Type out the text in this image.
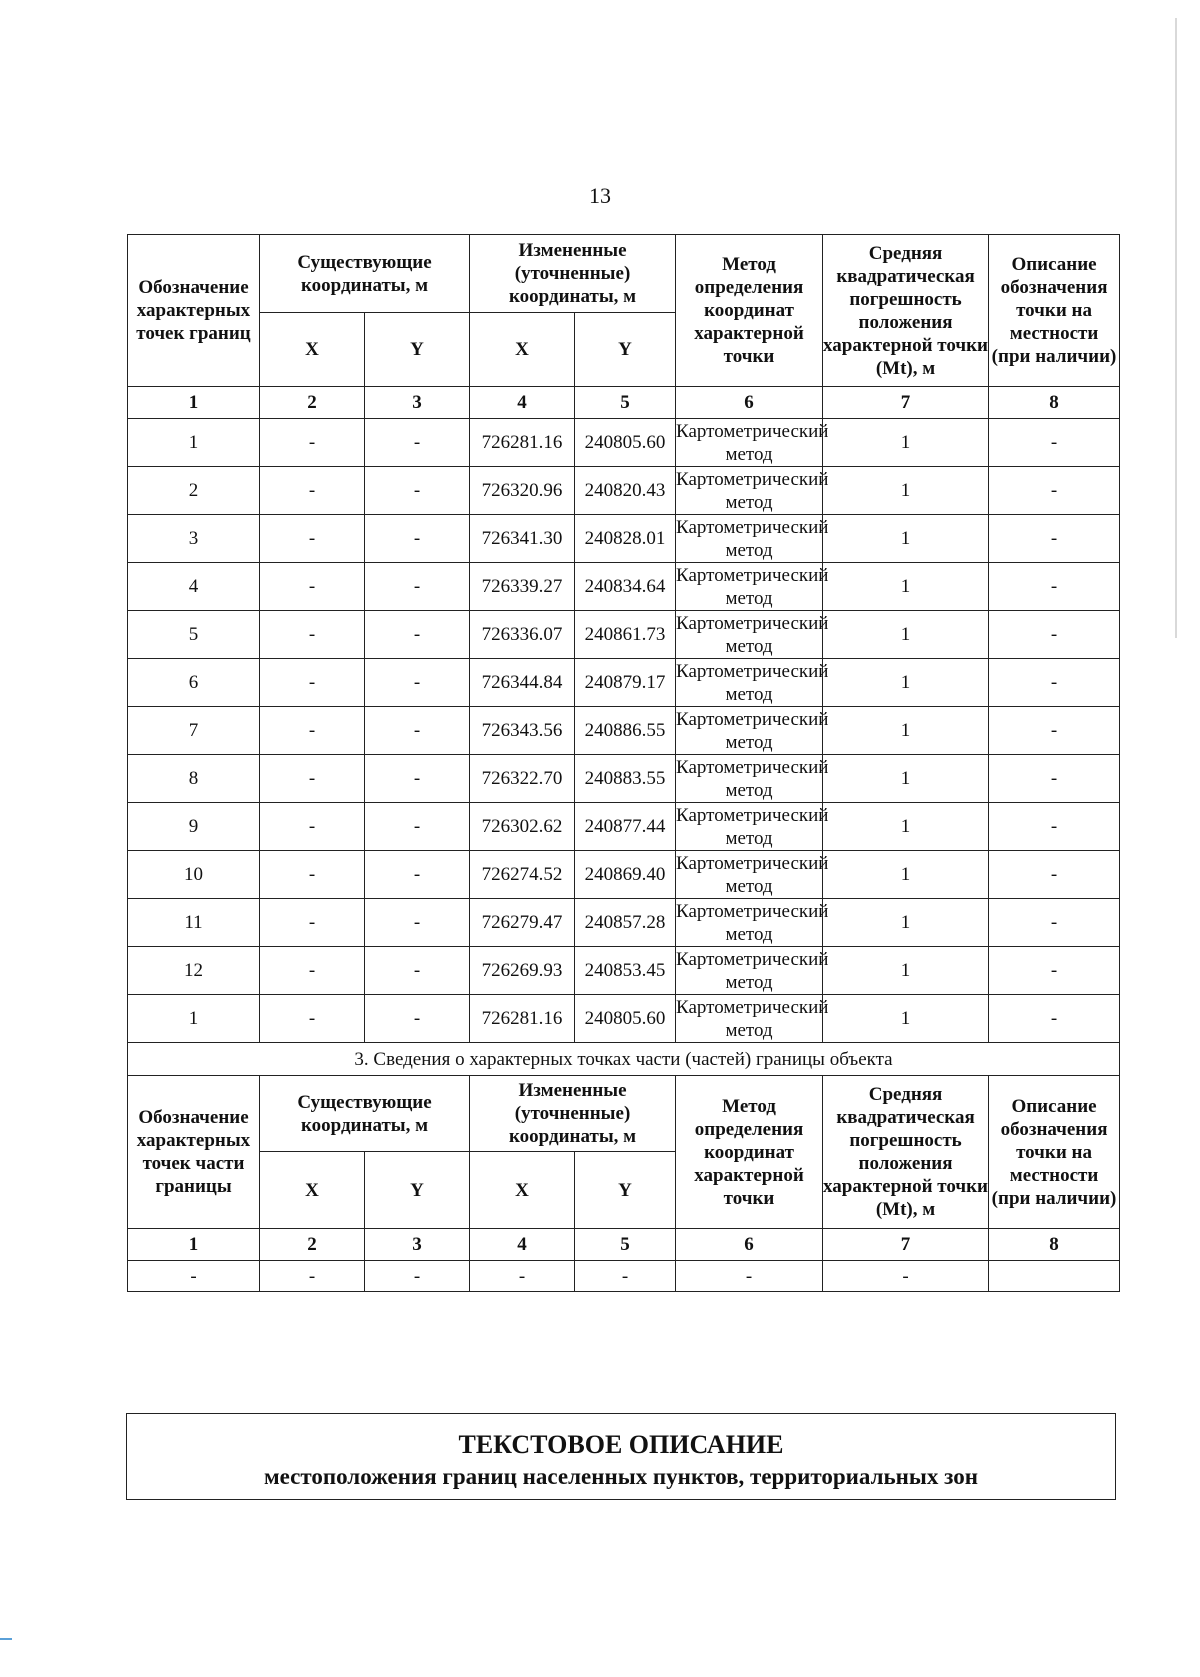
13
Обозначение характерных точек границ	Существующие координаты, м		Измененные (уточненные) координаты, м		Метод определения координат характерной точки	Средняя квадратическая погрешность положения характерной точки (Mt), м	Описание обозначения точки на местности (при наличии)
	X	Y	X	Y			
1	2	3	4	5	6	7	8
1	-	-	726281.16	240805.60	Картометрический метод	1	-
2	-	-	726320.96	240820.43	Картометрический метод	1	-
3	-	-	726341.30	240828.01	Картометрический метод	1	-
4	-	-	726339.27	240834.64	Картометрический метод	1	-
5	-	-	726336.07	240861.73	Картометрический метод	1	-
6	-	-	726344.84	240879.17	Картометрический метод	1	-
7	-	-	726343.56	240886.55	Картометрический метод	1	-
8	-	-	726322.70	240883.55	Картометрический метод	1	-
9	-	-	726302.62	240877.44	Картометрический метод	1	-
10	-	-	726274.52	240869.40	Картометрический метод	1	-
11	-	-	726279.47	240857.28	Картометрический метод	1	-
12	-	-	726269.93	240853.45	Картометрический метод	1	-
1	-	-	726281.16	240805.60	Картометрический метод	1	-
3. Сведения о характерных точках части (частей) границы объекта							
Обозначение характерных точек части границы	Существующие координаты, м		Измененные (уточненные) координаты, м		Метод определения координат характерной точки	Средняя квадратическая погрешность положения характерной точки (Mt), м	Описание обозначения точки на местности (при наличии)
	X	Y	X	Y			
1	2	3	4	5	6	7	8
-	-	-	-	-	-	-	
ТЕКСТОВОЕ ОПИСАНИЕ
местоположения границ населенных пунктов, территориальных зон
